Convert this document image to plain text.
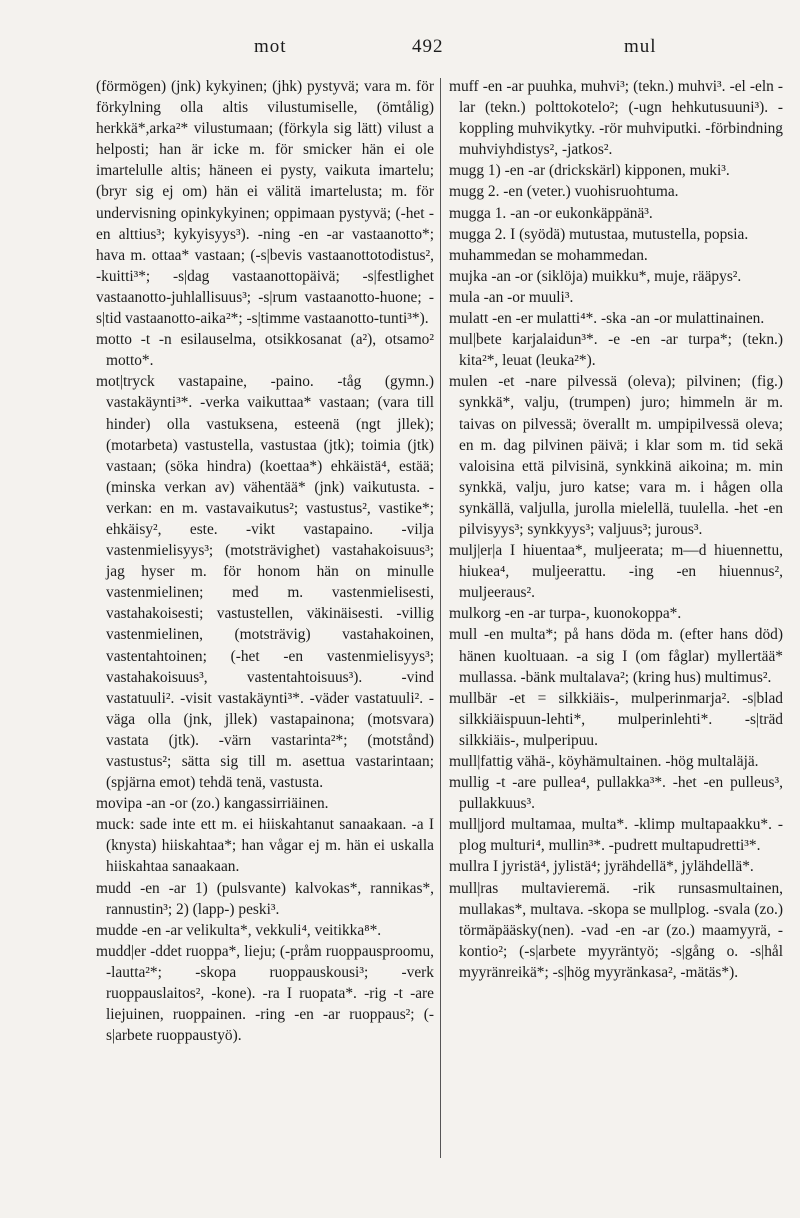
mot	492	mul

(förmögen) (jnk) kykyinen; (jhk) pystyvä; vara m. för förkylning olla altis vilustumiselle, (ömtålig) herkkä*,arka²* vilustumaan; (förkyla sig lätt) vilust a helposti; han är icke m. för smicker hän ei ole imartelulle altis; häneen ei pysty, vaikuta imartelu; (bryr sig ej om) hän ei välitä imartelusta; m. för undervisning opinkykyinen; oppimaan pystyvä; (-het -en alttius³; kykyisyys³). -ning -en -ar vastaanotto*; hava m. ottaa* vastaan; (-s|bevis vastaanottotodistus², -kuitti³*; -s|dag vastaanottopäivä; -s|festlighet vastaanotto-juhlallisuus³; -s|rum vastaanotto-huone; -s|tid vastaanotto-aika²*; -s|timme vastaanotto-tunti³*).

motto -t -n esilauselma, otsikkosanat (a²), otsamo² motto*.

mot|tryck vastapaine, -paino. -tåg (gymn.) vastakäynti³*. -verka vaikuttaa* vastaan; (vara till hinder) olla vastuksena, esteenä (ngt jllek); (motarbeta) vastustella, vastustaa (jtk); toimia (jtk) vastaan; (söka hindra) (koettaa*) ehkäistä⁴, estää; (minska verkan av) vähentää* (jnk) vaikutusta. -verkan: en m. vastavaikutus²; vastustus², vastike*; ehkäisy², este. -vikt vastapaino. -vilja vastenmielisyys³; (motsträvighet) vastahakoisuus³; jag hyser m. för honom hän on minulle vastenmielinen; med m. vastenmielisesti, vastahakoisesti; vastustellen, väkinäisesti. -villig vastenmielinen, (motsträvig) vastahakoinen, vastentahtoinen; (-het -en vastenmielisyys³; vastahakoisuus³, vastentahtoisuus³). -vind vastatuuli². -visit vastakäynti³*. -väder vastatuuli². -väga olla (jnk, jllek) vastapainona; (motsvara) vastata (jtk). -värn vastarinta²*; (motstånd) vastustus²; sätta sig till m. asettua vastarintaan; (spjärna emot) tehdä tenä, vastusta.

movipa -an -or (zo.) kangassirriäinen.

muck: sade inte ett m. ei hiiskahtanut sanaakaan. -a I (knysta) hiiskahtaa*; han vågar ej m. hän ei uskalla hiiskahtaa sanaakaan.

mudd -en -ar 1) (pulsvante) kalvokas*, rannikas*, rannustin³; 2) (lapp-) peski³.

mudde -en -ar velikulta*, vekkuli⁴, veitikka⁸*.

mudd|er -ddet ruoppa*, lieju; (-pråm ruoppausproomu, -lautta²*; -skopa ruoppauskousi³; -verk ruoppauslaitos², -kone). -ra I ruopata*. -rig -t -are liejuinen, ruoppainen. -ring -en -ar ruoppaus²; (-s|arbete ruoppaustyö).

muff -en -ar puuhka, muhvi³; (tekn.) muhvi³. -el -eln -lar (tekn.) polttokotelo²; (-ugn hehkutusuuni³). -koppling muhvikytky. -rör muhviputki. -förbindning muhviyhdistys², -jatkos².

mugg 1) -en -ar (drickskärl) kipponen, muki³.

mugg 2. -en (veter.) vuohisruohtuma.

mugga 1. -an -or eukonkäppänä³.

mugga 2. I (syödä) mutustaa, mutustella, popsia.

muhammedan se mohammedan.

mujka -an -or (siklöja) muikku*, muje, rääpys².

mula -an -or muuli³.

mulatt -en -er mulatti⁴*. -ska -an -or mulattinainen.

mul|bete karjalaidun³*. -e -en -ar turpa*; (tekn.) kita²*, leuat (leuka²*).

mulen -et -nare pilvessä (oleva); pilvinen; (fig.) synkkä*, valju, (trumpen) juro; himmeln är m. taivas on pilvessä; överallt m. umpipilvessä oleva; en m. dag pilvinen päivä; i klar som m. tid sekä valoisina että pilvisinä, synkkinä aikoina; m. min synkkä, valju, juro katse; vara m. i hågen olla synkällä, valjulla, jurolla mielellä, tuulella. -het -en pilvisyys³; synkkyys³; valjuus³; jurous³.

mulj|er|a I hiuentaa*, muljeerata; m—d hiuennettu, hiukea⁴, muljeerattu. -ing -en hiuennus², muljeeraus².

mulkorg -en -ar turpa-, kuonokoppa*.

mull -en multa*; på hans döda m. (efter hans död) hänen kuoltuaan. -a sig I (om fåglar) myllertää* mullassa. -bänk multalava²; (kring hus) multimus².

mullbär -et = silkkiäis-, mulperinmarja². -s|blad silkkiäispuun-lehti*, mulperinlehti*. -s|träd silkkiäis-, mulperipuu.

mull|fattig vähä-, köyhämultainen. -hög multaläjä.

mullig -t -are pullea⁴, pullakka³*. -het -en pulleus³, pullakkuus³.

mull|jord multamaa, multa*. -klimp multapaakku*. -plog multuri⁴, mullin³*. -pudrett multapudretti³*.

mullra I jyristä⁴, jylistä⁴; jyrähdellä*, jylähdellä*.

mull|ras multavieremä. -rik runsasmultainen, mullakas*, multava. -skopa se mullplog. -svala (zo.) törmäpääsky(nen). -vad -en -ar (zo.) maamyyrä, -kontio²; (-s|arbete myyräntyö; -s|gång o. -s|hål myyränreikä*; -s|hög myyränkasa², -mätäs*).
